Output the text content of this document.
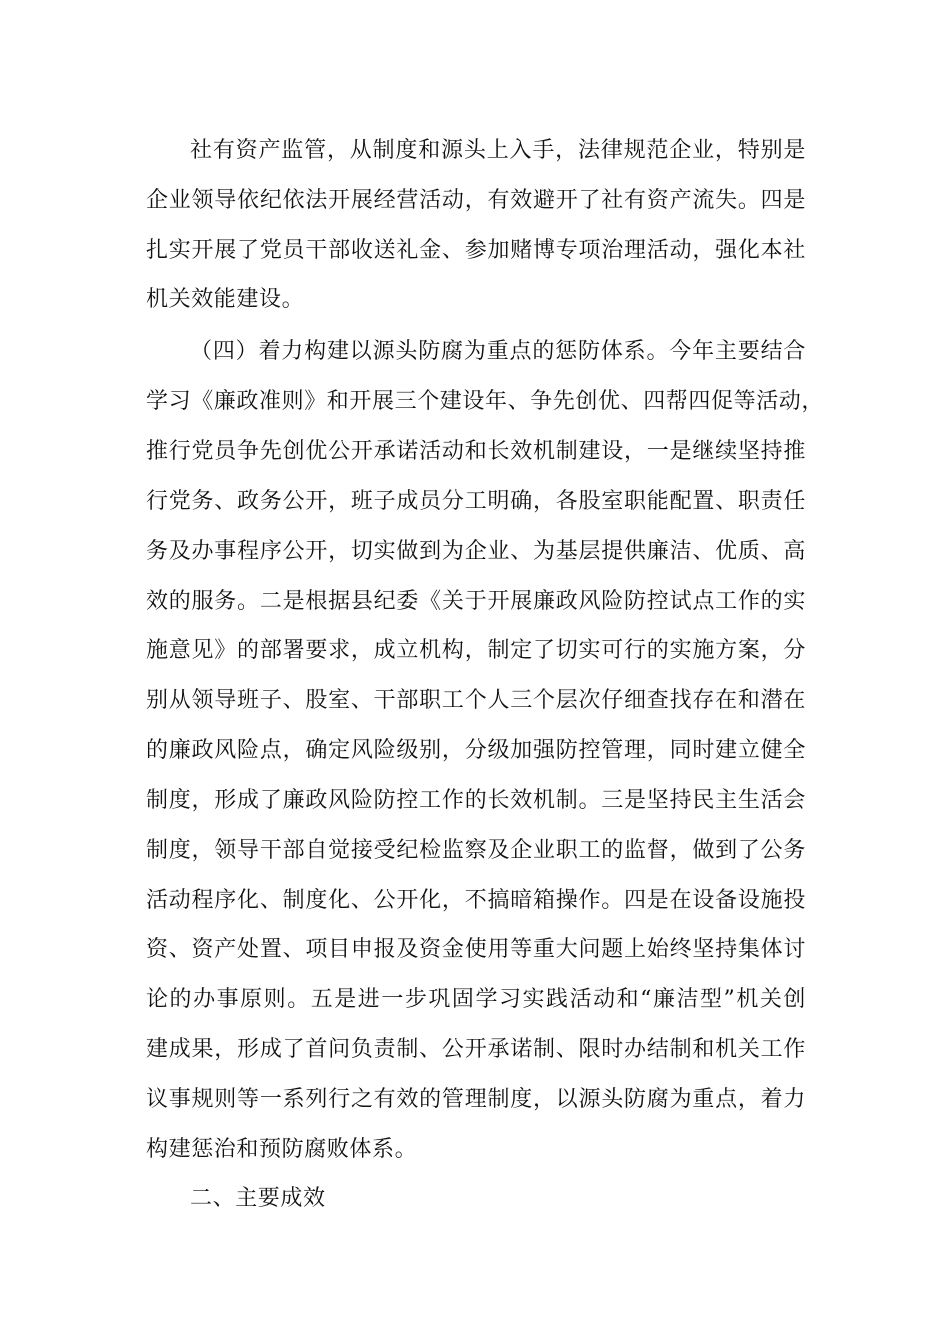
社有资产监管，从制度和源头上入手，法律规范企业，特别是
企业领导依纪依法开展经营活动，有效避开了社有资产流失。四是
扎实开展了党员干部收送礼金、参加赌博专项治理活动，强化本社
机关效能建设。
（四）着力构建以源头防腐为重点的惩防体系。今年主要结合
学习《廉政准则》和开展三个建设年、争先创优、四帮四促等活动，
推行党员争先创优公开承诺活动和长效机制建设，一是继续坚持推
行党务、政务公开，班子成员分工明确，各股室职能配置、职责任
务及办事程序公开，切实做到为企业、为基层提供廉洁、优质、高
效的服务。二是根据县纪委《关于开展廉政风险防控试点工作的实
施意见》的部署要求，成立机构，制定了切实可行的实施方案，分
别从领导班子、股室、干部职工个人三个层次仔细查找存在和潜在
的廉政风险点，确定风险级别，分级加强防控管理，同时建立健全
制度，形成了廉政风险防控工作的长效机制。三是坚持民主生活会
制度，领导干部自觉接受纪检监察及企业职工的监督，做到了公务
活动程序化、制度化、公开化，不搞暗箱操作。四是在设备设施投
资、资产处置、项目申报及资金使用等重大问题上始终坚持集体讨
论的办事原则。五是进一步巩固学习实践活动和“廉洁型”机关创
建成果，形成了首问负责制、公开承诺制、限时办结制和机关工作
议事规则等一系列行之有效的管理制度，以源头防腐为重点，着力
构建惩治和预防腐败体系。
二、主要成效
